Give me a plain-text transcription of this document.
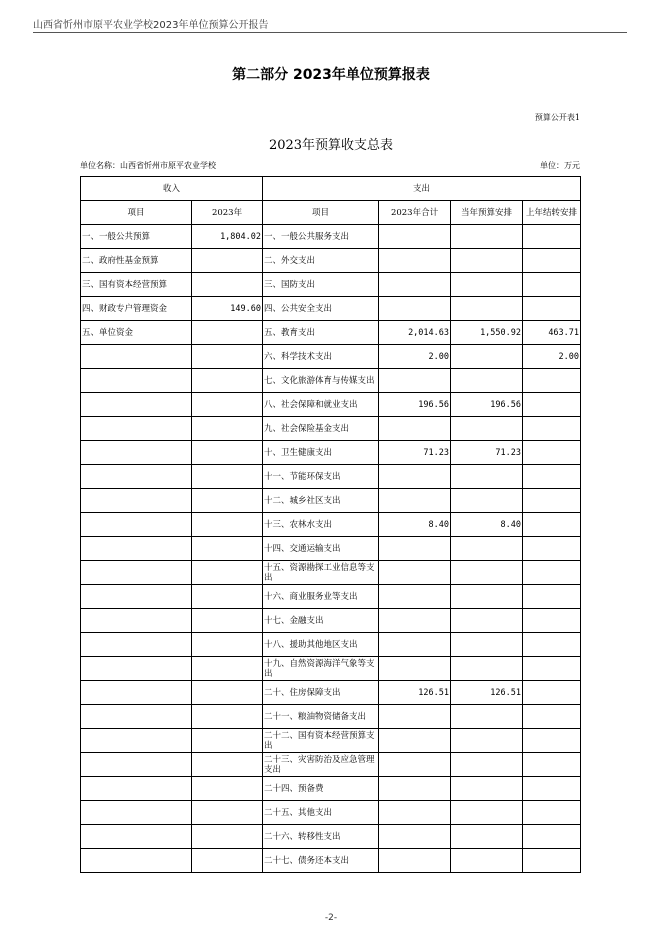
山西省忻州市原平农业学校2023年单位预算公开报告
第二部分 2023年单位预算报表
预算公开表1
2023年预算收支总表
单位名称：山西省忻州市原平农业学校	单位：万元
收入		支出			
项目	2023年	项目	2023年合计	当年预算安排	上年结转安排
一、一般公共预算	1,804.02	一、一般公共服务支出			
二、政府性基金预算		二、外交支出			
三、国有资本经营预算		三、国防支出			
四、财政专户管理资金	149.60	四、公共安全支出			
五、单位资金		五、教育支出	2,014.63	1,550.92	463.71
		六、科学技术支出	2.00		2.00
		七、文化旅游体育与传媒支出			
		八、社会保障和就业支出	196.56	196.56	
		九、社会保险基金支出			
		十、卫生健康支出	71.23	71.23	
		十一、节能环保支出			
		十二、城乡社区支出			
		十三、农林水支出	8.40	8.40	
		十四、交通运输支出			
		十五、资源勘探工业信息等支出			
		十六、商业服务业等支出			
		十七、金融支出			
		十八、援助其他地区支出			
		十九、自然资源海洋气象等支出			
		二十、住房保障支出	126.51	126.51	
		二十一、粮油物资储备支出			
		二十二、国有资本经营预算支出			
		二十三、灾害防治及应急管理支出			
		二十四、预备费			
		二十五、其他支出			
		二十六、转移性支出			
		二十七、债务还本支出			
-2-
